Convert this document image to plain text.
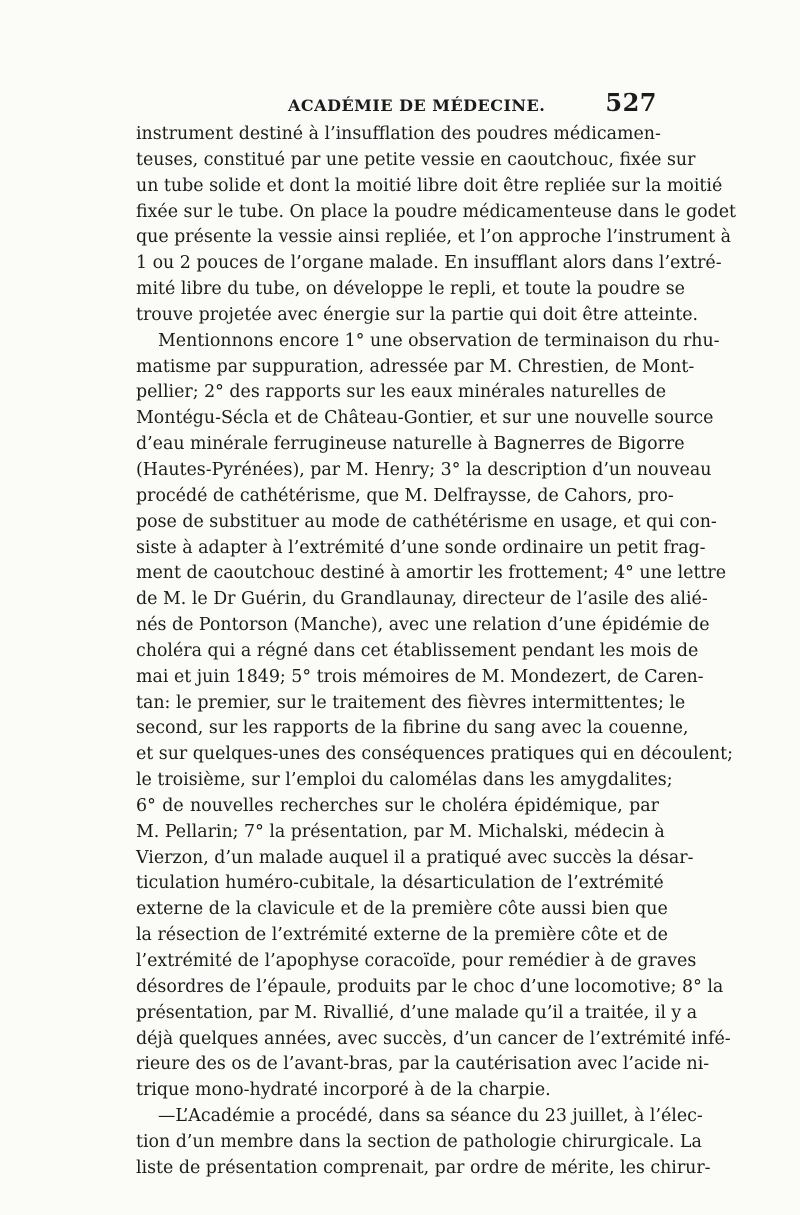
ACADÉMIE DE MÉDECINE.	527
instrument destiné à l’insufflation des poudres médicamen-
teuses, constitué par une petite vessie en caoutchouc, fixée sur
un tube solide et dont la moitié libre doit être repliée sur la moitié
fixée sur le tube. On place la poudre médicamenteuse dans le godet
que présente la vessie ainsi repliée, et l’on approche l’instrument à
1 ou 2 pouces de l’organe malade. En insufflant alors dans l’extré-
mité libre du tube, on développe le repli, et toute la poudre se
trouve projetée avec énergie sur la partie qui doit être atteinte.
Mentionnons encore 1° une observation de terminaison du rhu-
matisme par suppuration, adressée par M. Chrestien, de Mont-
pellier; 2° des rapports sur les eaux minérales naturelles de
Montégu-Sécla et de Château-Gontier, et sur une nouvelle source
d’eau minérale ferrugineuse naturelle à Bagnerres de Bigorre
(Hautes-Pyrénées), par M. Henry; 3° la description d’un nouveau
procédé de cathétérisme, que M. Delfraysse, de Cahors, pro-
pose de substituer au mode de cathétérisme en usage, et qui con-
siste à adapter à l’extrémité d’une sonde ordinaire un petit frag-
ment de caoutchouc destiné à amortir les frottement; 4° une lettre
de M. le Dr Guérin, du Grandlaunay, directeur de l’asile des alié-
nés de Pontorson (Manche), avec une relation d’une épidémie de
choléra qui a régné dans cet établissement pendant les mois de
mai et juin 1849; 5° trois mémoires de M. Mondezert, de Caren-
tan: le premier, sur le traitement des fièvres intermittentes; le
second, sur les rapports de la fibrine du sang avec la couenne,
et sur quelques-unes des conséquences pratiques qui en découlent;
le troisième, sur l’emploi du calomélas dans les amygdalites;
6° de nouvelles recherches sur le choléra épidémique, par
M. Pellarin; 7° la présentation, par M. Michalski, médecin à
Vierzon, d’un malade auquel il a pratiqué avec succès la désar-
ticulation huméro-cubitale, la désarticulation de l’extrémité
externe de la clavicule et de la première côte aussi bien que
la résection de l’extrémité externe de la première côte et de
l’extrémité de l’apophyse coracoïde, pour remédier à de graves
désordres de l’épaule, produits par le choc d’une locomotive; 8° la
présentation, par M. Rivallié, d’une malade qu’il a traitée, il y a
déjà quelques années, avec succès, d’un cancer de l’extrémité infé-
rieure des os de l’avant-bras, par la cautérisation avec l’acide ni-
trique mono-hydraté incorporé à de la charpie.
—L’Académie a procédé, dans sa séance du 23 juillet, à l’élec-
tion d’un membre dans la section de pathologie chirurgicale. La
liste de présentation comprenait, par ordre de mérite, les chirur-
